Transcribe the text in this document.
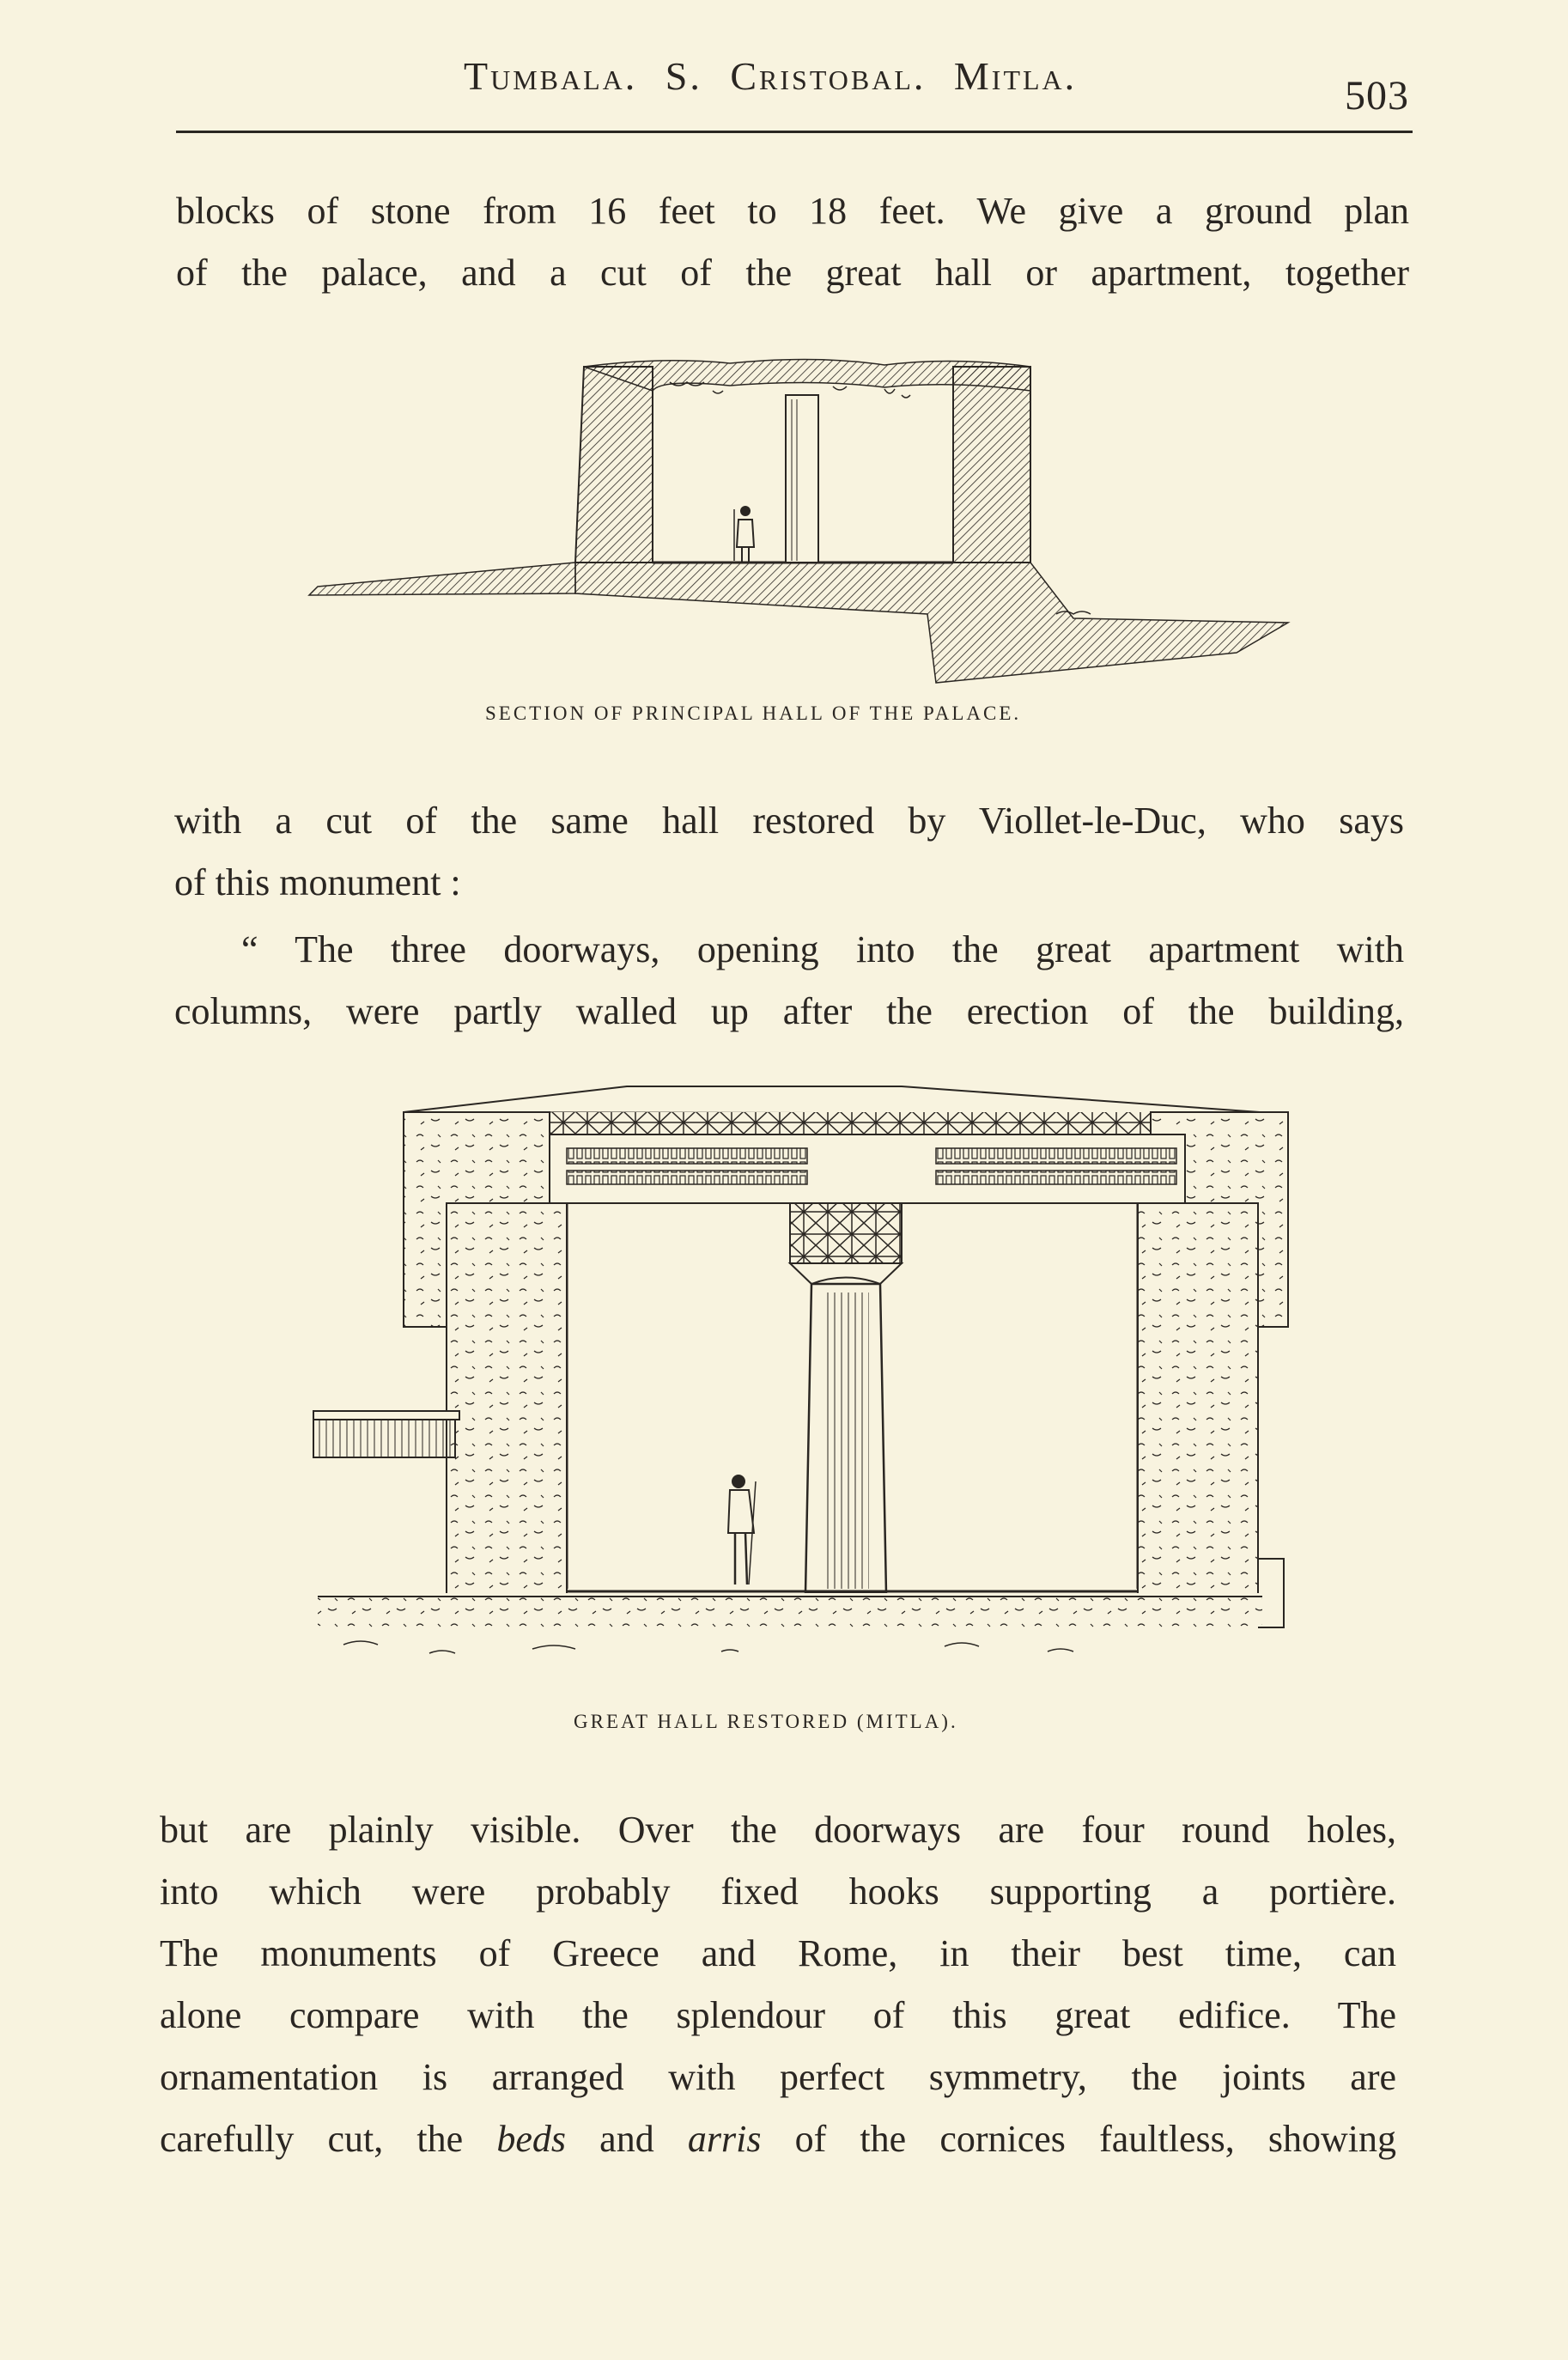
Tumbala. S. Cristobal. Mitla.	503
blocks of stone from 16 feet to 18 feet. We give a ground plan
of the palace, and a cut of the great hall or apartment, together
SECTION OF PRINCIPAL HALL OF THE PALACE.
with a cut of the same hall restored by Viollet-le-Duc, who says
of this monument :
“ The three doorways, opening into the great apartment with
columns, were partly walled up after the erection of the building,
GREAT HALL RESTORED (MITLA).
but are plainly visible. Over the doorways are four round holes,
into which were probably fixed hooks supporting a portière.
The monuments of Greece and Rome, in their best time, can
alone compare with the splendour of this great edifice. The
ornamentation is arranged with perfect symmetry, the joints are
carefully cut, the beds and arris of the cornices faultless, showing
